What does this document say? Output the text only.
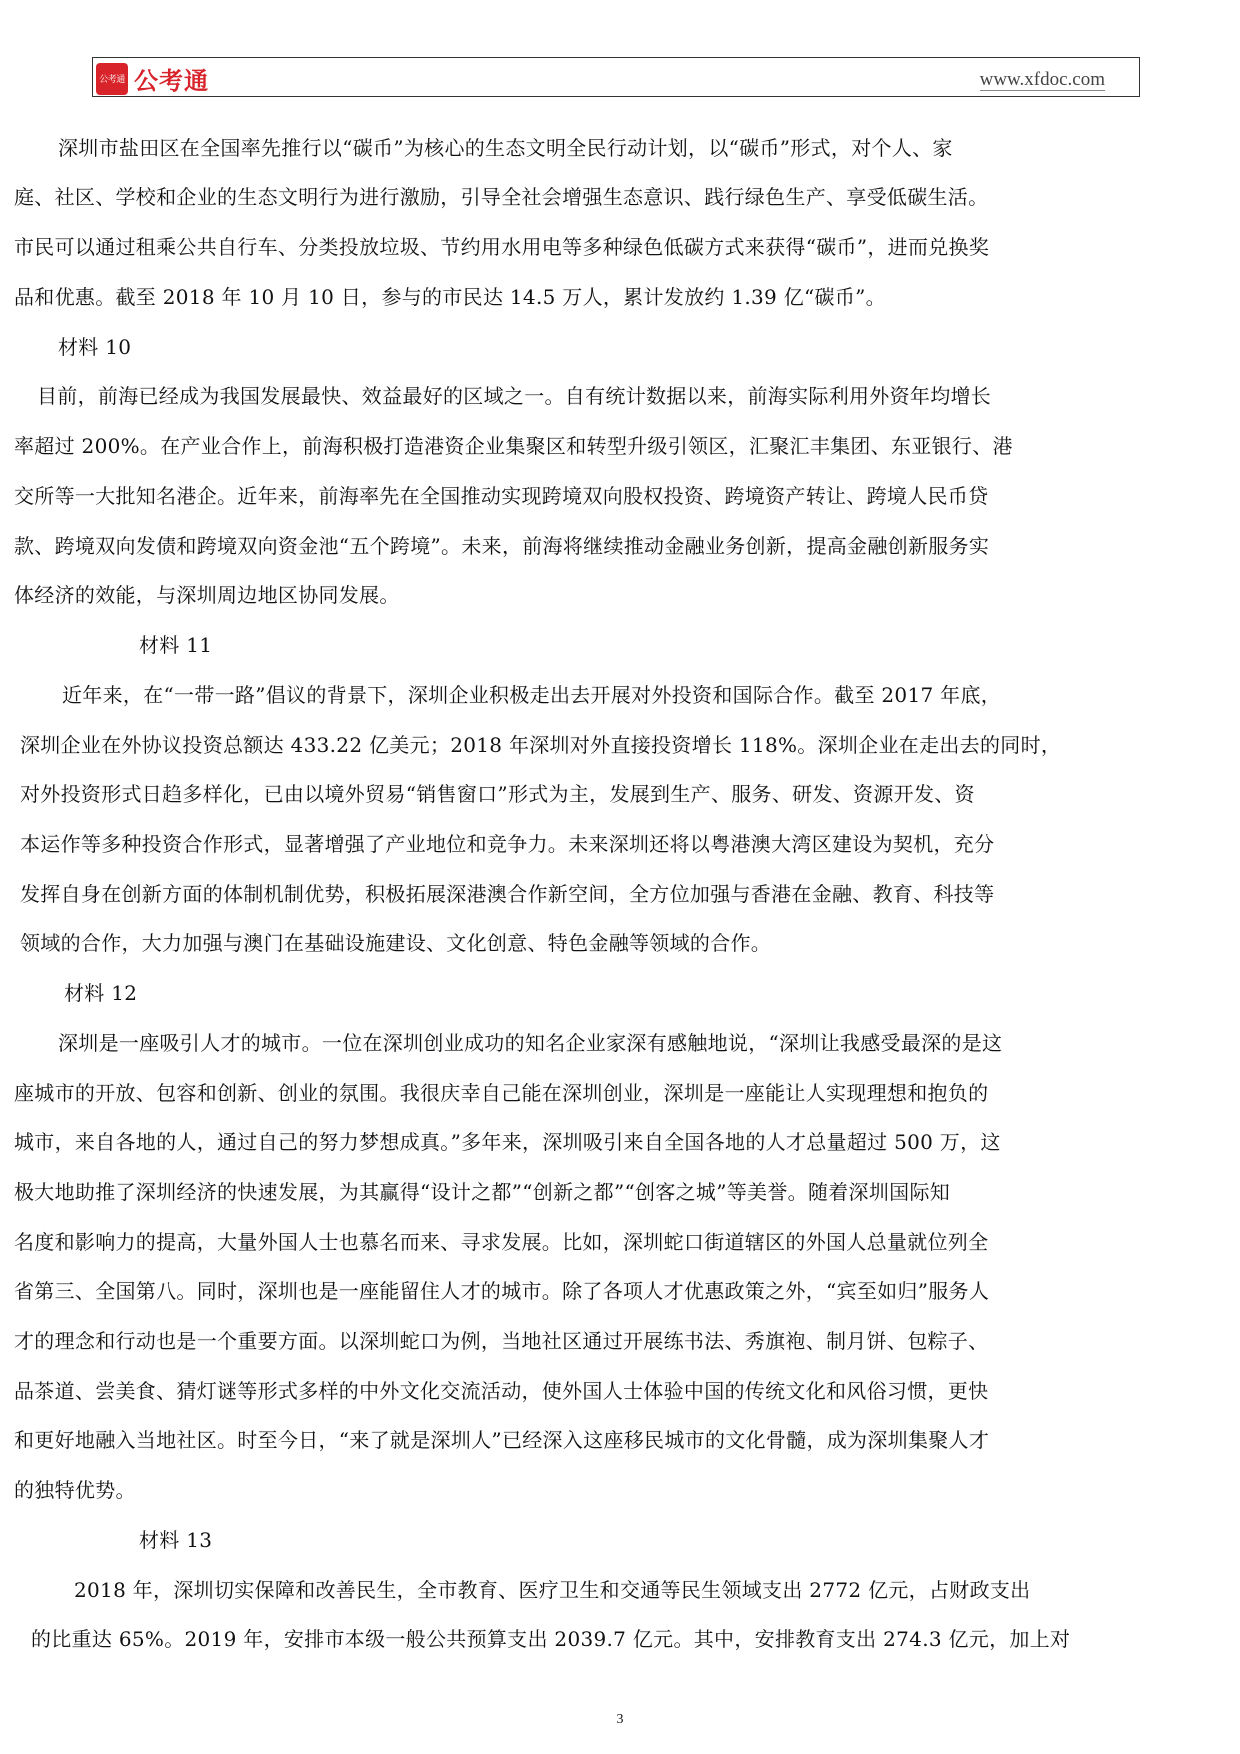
公考通 公考通	www.xfdoc.com
深圳市盐田区在全国率先推行以“碳币”为核心的生态文明全民行动计划，以“碳币”形式，对个人、家
庭、社区、学校和企业的生态文明行为进行激励，引导全社会增强生态意识、践行绿色生产、享受低碳生活。
市民可以通过租乘公共自行车、分类投放垃圾、节约用水用电等多种绿色低碳方式来获得“碳币”，进而兑换奖
品和优惠。截至 2018 年 10 月 10 日，参与的市民达 14.5 万人，累计发放约 1.39 亿“碳币”。
材料 10
目前，前海已经成为我国发展最快、效益最好的区域之一。自有统计数据以来，前海实际利用外资年均增长
率超过 200%。在产业合作上，前海积极打造港资企业集聚区和转型升级引领区，汇聚汇丰集团、东亚银行、港
交所等一大批知名港企。近年来，前海率先在全国推动实现跨境双向股权投资、跨境资产转让、跨境人民币贷
款、跨境双向发债和跨境双向资金池“五个跨境”。未来，前海将继续推动金融业务创新，提高金融创新服务实
体经济的效能，与深圳周边地区协同发展。
材料 11
近年来，在“一带一路”倡议的背景下，深圳企业积极走出去开展对外投资和国际合作。截至 2017 年底，
深圳企业在外协议投资总额达 433.22 亿美元；2018 年深圳对外直接投资增长 118%。深圳企业在走出去的同时，
对外投资形式日趋多样化，已由以境外贸易“销售窗口”形式为主，发展到生产、服务、研发、资源开发、资
本运作等多种投资合作形式，显著增强了产业地位和竞争力。未来深圳还将以粤港澳大湾区建设为契机，充分
发挥自身在创新方面的体制机制优势，积极拓展深港澳合作新空间，全方位加强与香港在金融、教育、科技等
领域的合作，大力加强与澳门在基础设施建设、文化创意、特色金融等领域的合作。
材料 12
深圳是一座吸引人才的城市。一位在深圳创业成功的知名企业家深有感触地说，“深圳让我感受最深的是这
座城市的开放、包容和创新、创业的氛围。我很庆幸自己能在深圳创业，深圳是一座能让人实现理想和抱负的
城市，来自各地的人，通过自己的努力梦想成真。”多年来，深圳吸引来自全国各地的人才总量超过 500 万，这
极大地助推了深圳经济的快速发展，为其赢得“设计之都”“创新之都”“创客之城”等美誉。随着深圳国际知
名度和影响力的提高，大量外国人士也慕名而来、寻求发展。比如，深圳蛇口街道辖区的外国人总量就位列全
省第三、全国第八。同时，深圳也是一座能留住人才的城市。除了各项人才优惠政策之外，“宾至如归”服务人
才的理念和行动也是一个重要方面。以深圳蛇口为例，当地社区通过开展练书法、秀旗袍、制月饼、包粽子、
品茶道、尝美食、猜灯谜等形式多样的中外文化交流活动，使外国人士体验中国的传统文化和风俗习惯，更快
和更好地融入当地社区。时至今日，“来了就是深圳人”已经深入这座移民城市的文化骨髓，成为深圳集聚人才
的独特优势。
材料 13
2018 年，深圳切实保障和改善民生，全市教育、医疗卫生和交通等民生领域支出 2772 亿元，占财政支出
的比重达 65%。2019 年，安排市本级一般公共预算支出 2039.7 亿元。其中，安排教育支出 274.3 亿元，加上对
3
